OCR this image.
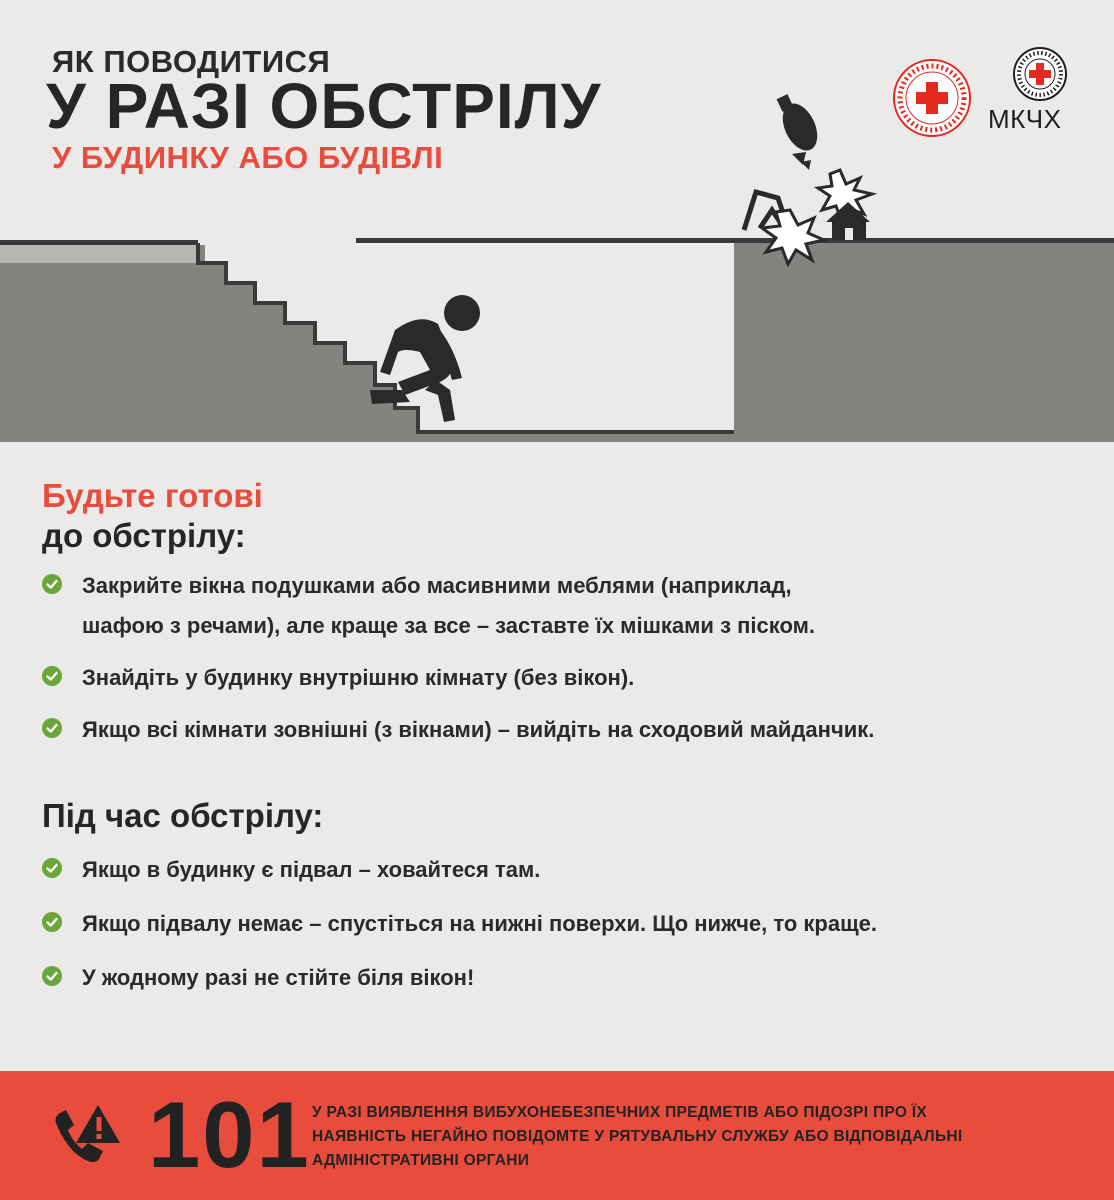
ЯК ПОВОДИТИСЯ
У РАЗІ ОБСТРІЛУ
У БУДИНКУ АБО БУДІВЛІ
МКЧХ
Будьте готові
до обстрілу:
Закрийте вікна подушками або масивними меблями (наприклад,
шафою з речами), але краще за все – заставте їх мішками з піском.
Знайдіть у будинку внутрішню кімнату (без вікон).
Якщо всі кімнати зовнішні (з вікнами) – вийдіть на сходовий майданчик.
Під час обстрілу:
Якщо в будинку є підвал – ховайтеся там.
Якщо підвалу немає – спустіться на нижні поверхи. Що нижче, то краще.
У жодному разі не стійте біля вікон!
101 У РАЗІ ВИЯВЛЕННЯ ВИБУХОНЕБЕЗПЕЧНИХ ПРЕДМЕТІВ АБО ПІДОЗРІ ПРО ЇХ
НАЯВНІСТЬ НЕГАЙНО ПОВІДОМТЕ У РЯТУВАЛЬНУ СЛУЖБУ АБО ВІДПОВІДАЛЬНІ
АДМІНІСТРАТИВНІ ОРГАНИ
